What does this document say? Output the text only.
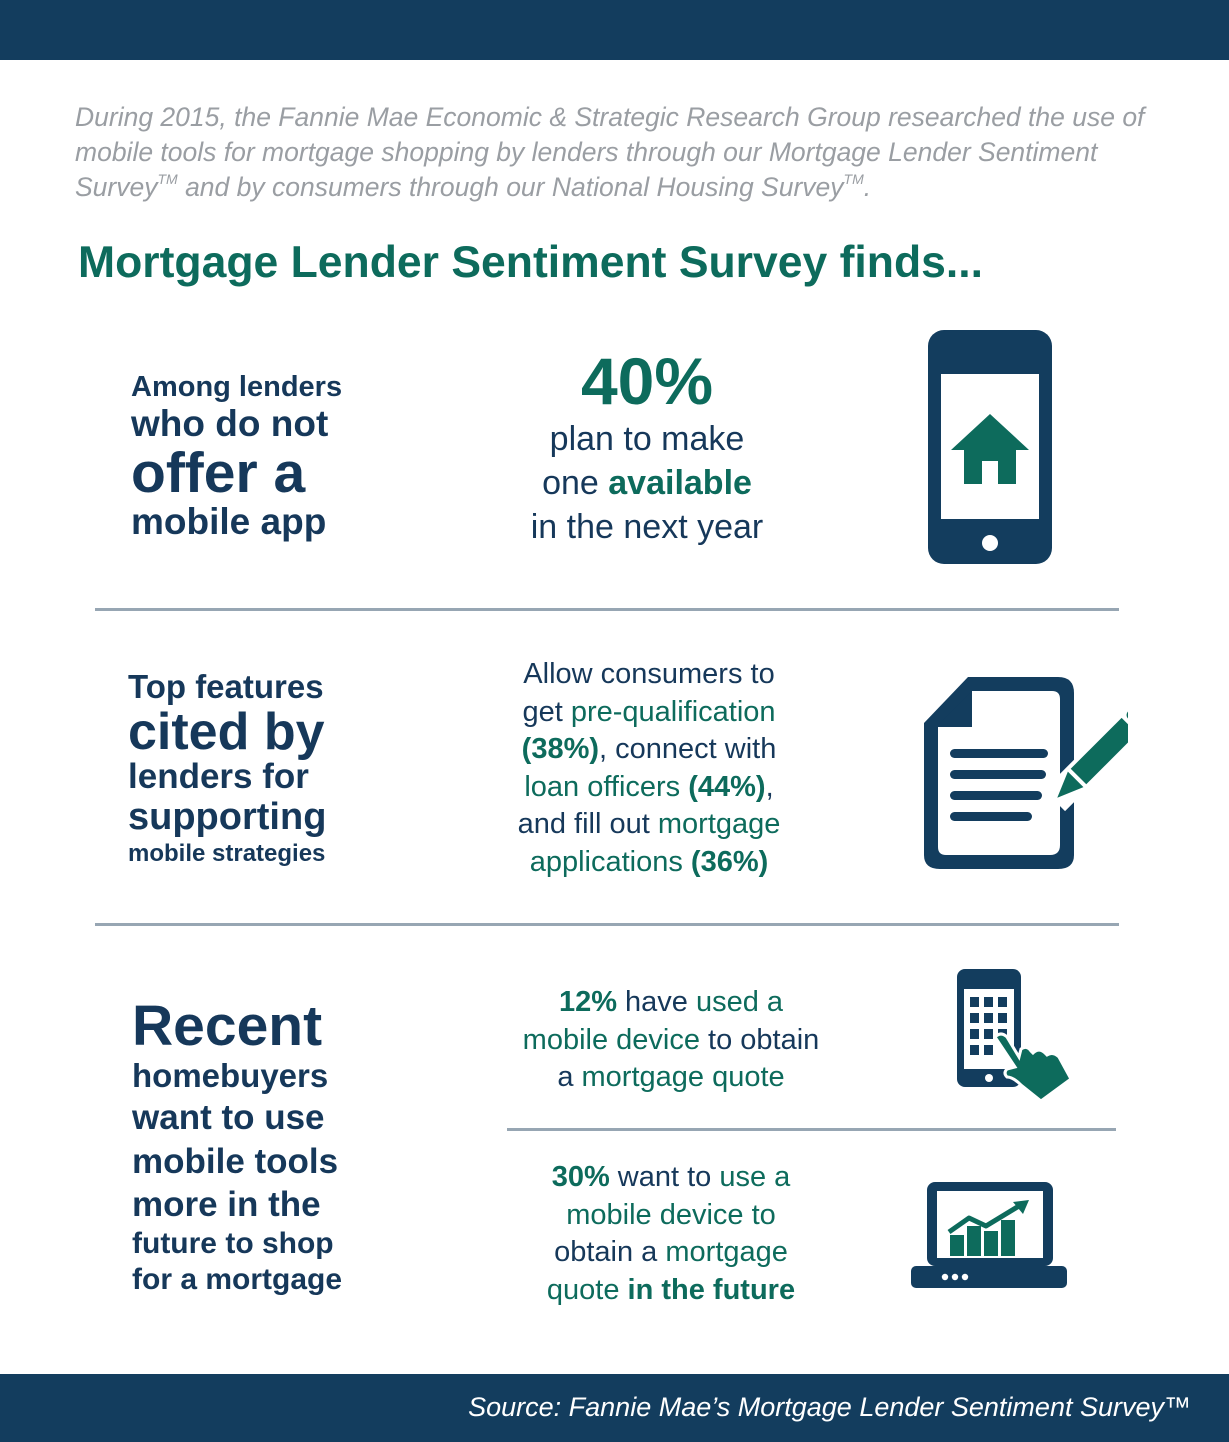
During 2015, the Fannie Mae Economic & Strategic Research Group researched the use of mobile tools for mortgage shopping by lenders through our Mortgage Lender Sentiment Survey™ and by consumers through our National Housing Survey™.
Mortgage Lender Sentiment Survey finds...
Among lenders
who do not
offer a
mobile app
40%
plan to make
one available
in the next year
Top features
cited by
lenders for
supporting
mobile strategies
Allow consumers to
get pre-qualification
(38%), connect with
loan officers (44%),
and fill out mortgage
applications (36%)
Recent
homebuyers
want to use
mobile tools
more in the
future to shop
for a mortgage
12% have used a
mobile device to obtain
a mortgage quote
30% want to use a
mobile device to
obtain a mortgage
quote in the future
Source: Fannie Mae’s Mortgage Lender Sentiment Survey™
